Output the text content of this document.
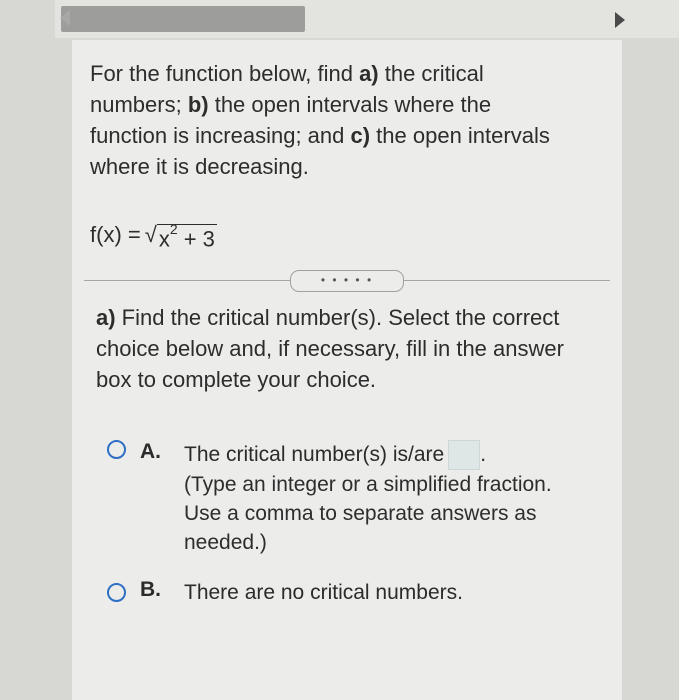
For the function below, find a) the critical numbers; b) the open intervals where the function is increasing; and c) the open intervals where it is decreasing.
f(x) = √ $x^2 + 3$
• • • • •
a) Find the critical number(s). Select the correct choice below and, if necessary, fill in the answer box to complete your choice.
A. The critical number(s) is/are .
(Type an integer or a simplified fraction. Use a comma to separate answers as needed.)
B. There are no critical numbers.
